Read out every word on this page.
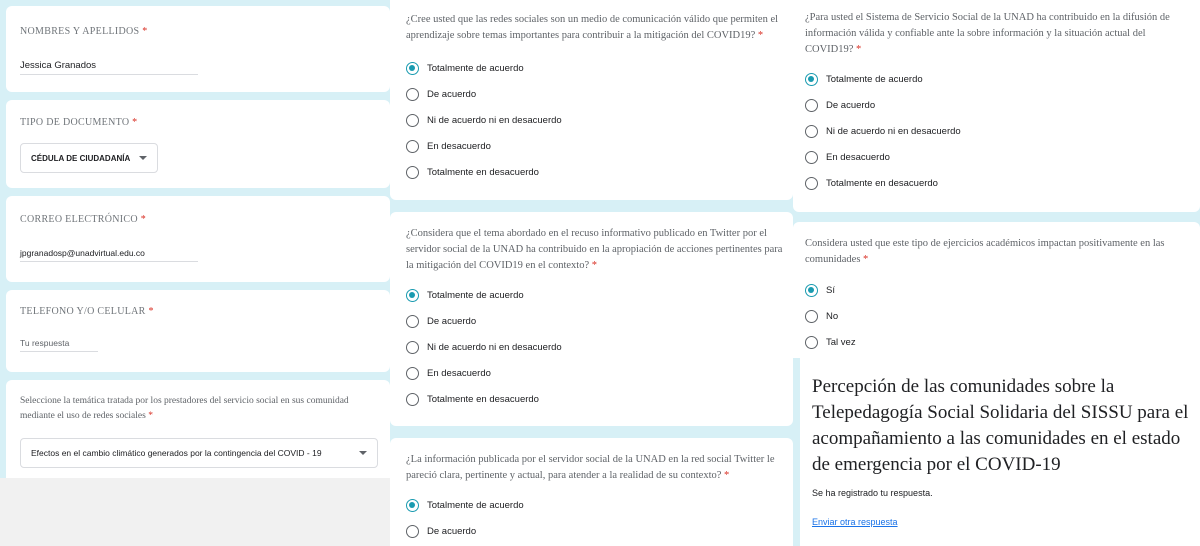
NOMBRES Y APELLIDOS *
Jessica Granados
TIPO DE DOCUMENTO *
CÉDULA DE CIUDADANÍA
CORREO ELECTRÓNICO *
jpgranadosp@unadvirtual.edu.co
TELEFONO Y/O CELULAR *
Tu respuesta
Seleccione la temática tratada por los prestadores del servicio social en sus comunidad mediante el uso de redes sociales *
Efectos en el cambio climático generados por la contingencia del COVID - 19
¿Cree usted que las redes sociales son un medio de comunicación válido que permiten el aprendizaje sobre temas importantes para contribuir a la mitigación del COVID19? *
Totalmente de acuerdo
De acuerdo
Ni de acuerdo ni en desacuerdo
En desacuerdo
Totalmente en desacuerdo
¿Considera que el tema abordado en el recuso informativo publicado en Twitter por el servidor social de la UNAD ha contribuido en la apropiación de acciones pertinentes para la mitigación del COVID19 en el contexto? *
Totalmente de acuerdo
De acuerdo
Ni de acuerdo ni en desacuerdo
En desacuerdo
Totalmente en desacuerdo
¿La información publicada por el servidor social de la UNAD en la red social Twitter le pareció clara, pertinente y actual, para atender a la realidad de su contexto? *
Totalmente de acuerdo
De acuerdo
¿Para usted el Sistema de Servicio Social de la UNAD ha contribuido en la difusión de información válida y confiable ante la sobre información y la situación actual del COVID19? *
Totalmente de acuerdo
De acuerdo
Ni de acuerdo ni en desacuerdo
En desacuerdo
Totalmente en desacuerdo
Considera usted que este tipo de ejercicios académicos impactan positivamente en las comunidades *
Sí
No
Tal vez
Percepción de las comunidades sobre la Telepedagogía Social Solidaria del SISSU para el acompañamiento a las comunidades en el estado de emergencia por el COVID-19
Se ha registrado tu respuesta.
Enviar otra respuesta
